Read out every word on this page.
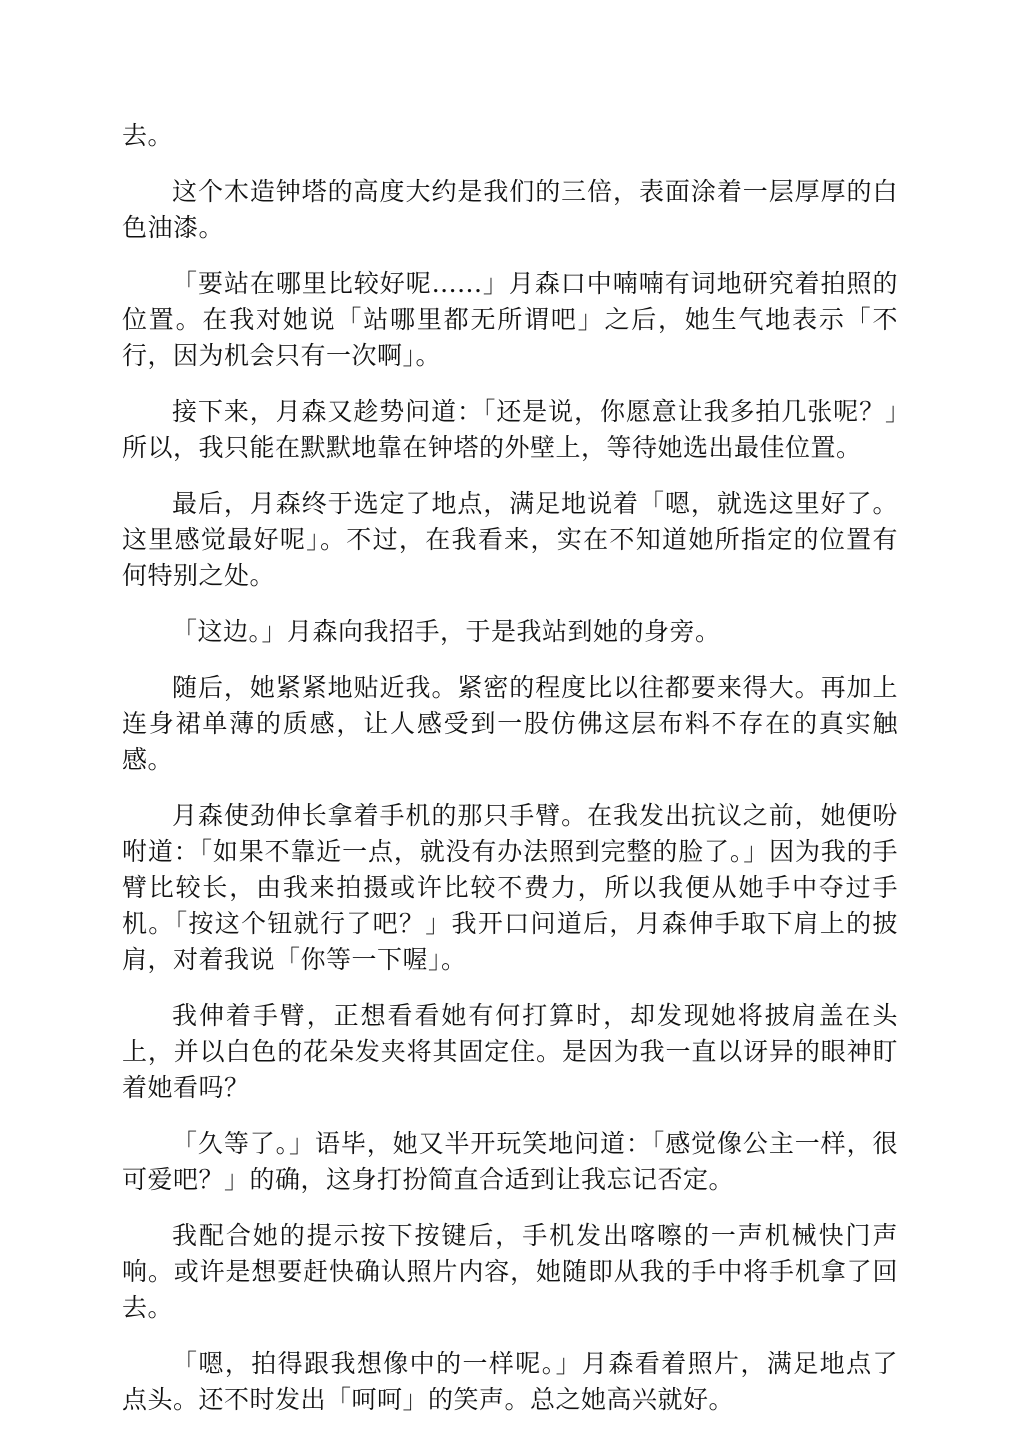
去。

这个木造钟塔的高度大约是我们的三倍，表面涂着一层厚厚的白色油漆。

「要站在哪里比较好呢......」月森口中喃喃有词地研究着拍照的位置。在我对她说「站哪里都无所谓吧」之后，她生气地表示「不行，因为机会只有一次啊」。

接下来，月森又趁势问道：「还是说，你愿意让我多拍几张呢？」所以，我只能在默默地靠在钟塔的外壁上，等待她选出最佳位置。

最后，月森终于选定了地点，满足地说着「嗯，就选这里好了。这里感觉最好呢」。不过，在我看来，实在不知道她所指定的位置有何特别之处。

「这边。」月森向我招手，于是我站到她的身旁。

随后，她紧紧地贴近我。紧密的程度比以往都要来得大。再加上连身裙单薄的质感，让人感受到一股仿佛这层布料不存在的真实触感。

月森使劲伸长拿着手机的那只手臂。在我发出抗议之前，她便吩咐道：「如果不靠近一点，就没有办法照到完整的脸了。」因为我的手臂比较长，由我来拍摄或许比较不费力，所以我便从她手中夺过手机。「按这个钮就行了吧？」我开口问道后，月森伸手取下肩上的披肩，对着我说「你等一下喔」。

我伸着手臂，正想看看她有何打算时，却发现她将披肩盖在头上，并以白色的花朵发夹将其固定住。是因为我一直以讶异的眼神盯着她看吗？

「久等了。」语毕，她又半开玩笑地问道：「感觉像公主一样，很可爱吧？」的确，这身打扮简直合适到让我忘记否定。

我配合她的提示按下按键后，手机发出喀嚓的一声机械快门声响。或许是想要赶快确认照片内容，她随即从我的手中将手机拿了回去。

「嗯，拍得跟我想像中的一样呢。」月森看着照片，满足地点了点头。还不时发出「呵呵」的笑声。总之她高兴就好。
